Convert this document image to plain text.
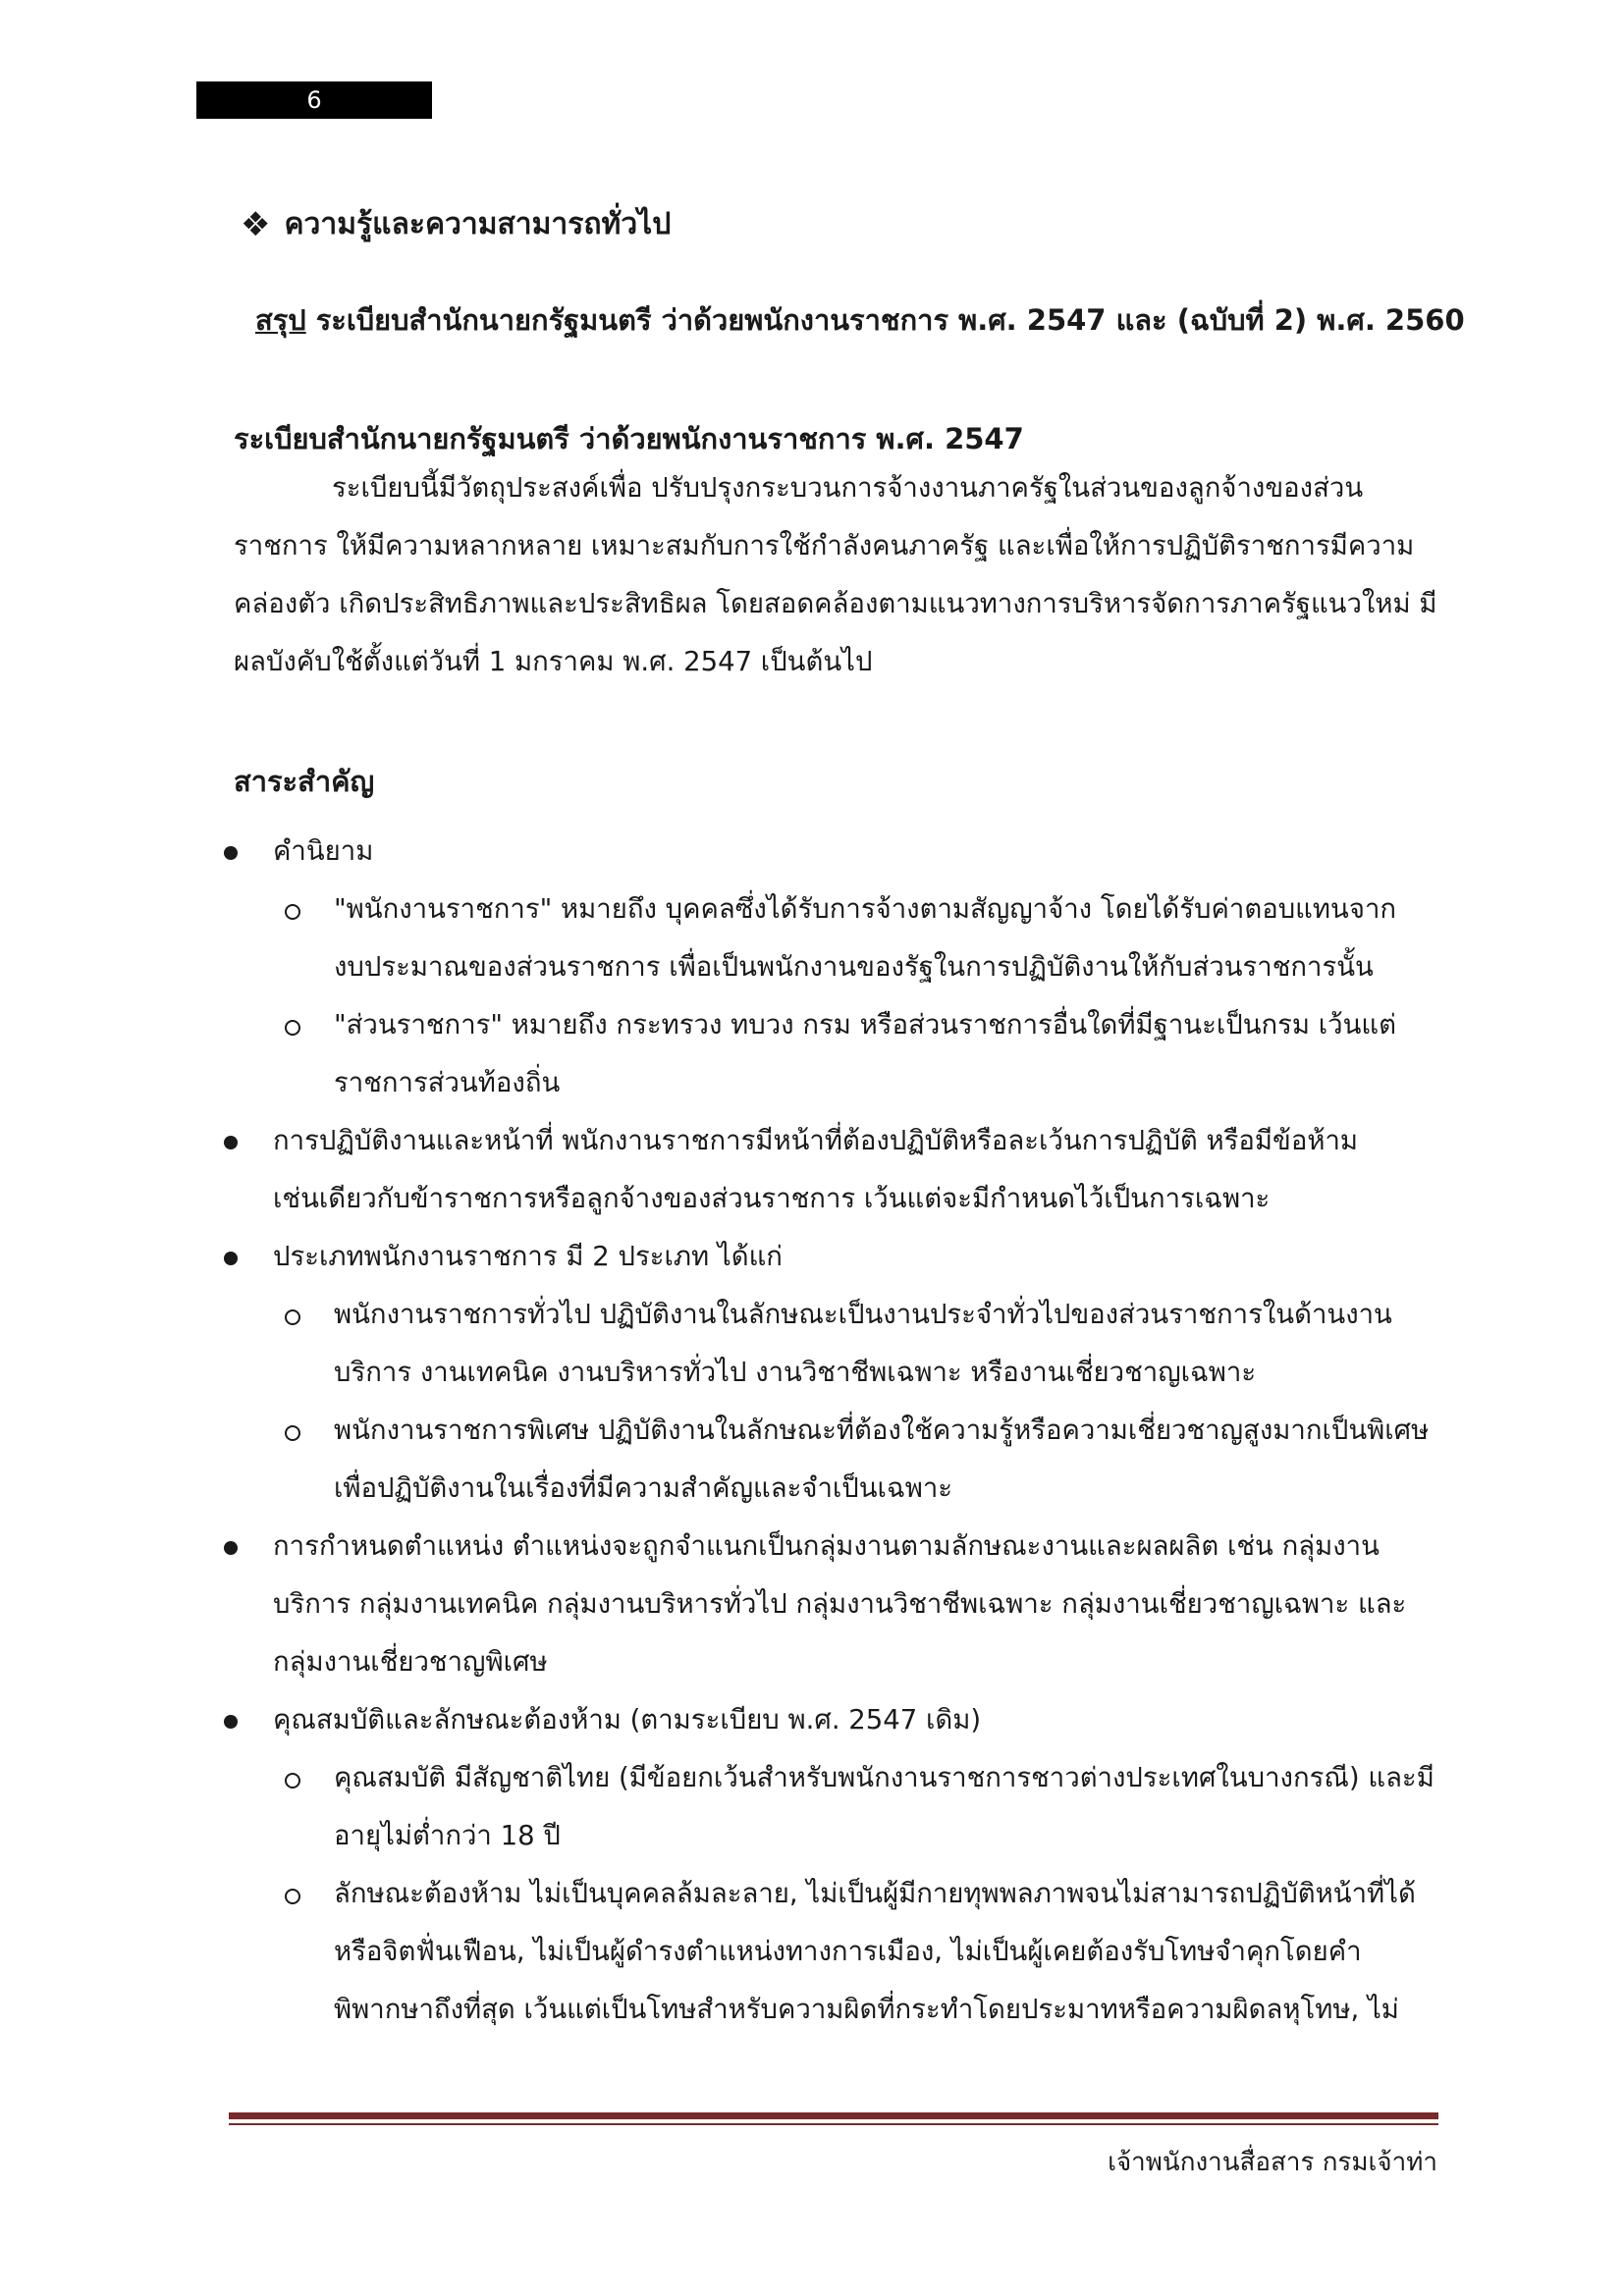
6
❖ ความรู้และความสามารถทั่วไป
สรุป ระเบียบสำนักนายกรัฐมนตรี ว่าด้วยพนักงานราชการ พ.ศ. 2547 และ (ฉบับที่ 2) พ.ศ. 2560
ระเบียบสำนักนายกรัฐมนตรี ว่าด้วยพนักงานราชการ พ.ศ. 2547
ระเบียบนี้มีวัตถุประสงค์เพื่อ ปรับปรุงกระบวนการจ้างงานภาครัฐในส่วนของลูกจ้างของส่วน
ราชการ ให้มีความหลากหลาย เหมาะสมกับการใช้กำลังคนภาครัฐ และเพื่อให้การปฏิบัติราชการมีความ
คล่องตัว เกิดประสิทธิภาพและประสิทธิผล โดยสอดคล้องตามแนวทางการบริหารจัดการภาครัฐแนวใหม่ มี
ผลบังคับใช้ตั้งแต่วันที่ 1 มกราคม พ.ศ. 2547 เป็นต้นไป
สาระสำคัญ
คำนิยาม
"พนักงานราชการ" หมายถึง บุคคลซึ่งได้รับการจ้างตามสัญญาจ้าง โดยได้รับค่าตอบแทนจาก
งบประมาณของส่วนราชการ เพื่อเป็นพนักงานของรัฐในการปฏิบัติงานให้กับส่วนราชการนั้น
"ส่วนราชการ" หมายถึง กระทรวง ทบวง กรม หรือส่วนราชการอื่นใดที่มีฐานะเป็นกรม เว้นแต่
ราชการส่วนท้องถิ่น
การปฏิบัติงานและหน้าที่ พนักงานราชการมีหน้าที่ต้องปฏิบัติหรือละเว้นการปฏิบัติ หรือมีข้อห้าม
เช่นเดียวกับข้าราชการหรือลูกจ้างของส่วนราชการ เว้นแต่จะมีกำหนดไว้เป็นการเฉพาะ
ประเภทพนักงานราชการ มี 2 ประเภท ได้แก่
พนักงานราชการทั่วไป ปฏิบัติงานในลักษณะเป็นงานประจำทั่วไปของส่วนราชการในด้านงาน
บริการ งานเทคนิค งานบริหารทั่วไป งานวิชาชีพเฉพาะ หรืองานเชี่ยวชาญเฉพาะ
พนักงานราชการพิเศษ ปฏิบัติงานในลักษณะที่ต้องใช้ความรู้หรือความเชี่ยวชาญสูงมากเป็นพิเศษ
เพื่อปฏิบัติงานในเรื่องที่มีความสำคัญและจำเป็นเฉพาะ
การกำหนดตำแหน่ง ตำแหน่งจะถูกจำแนกเป็นกลุ่มงานตามลักษณะงานและผลผลิต เช่น กลุ่มงาน
บริการ กลุ่มงานเทคนิค กลุ่มงานบริหารทั่วไป กลุ่มงานวิชาชีพเฉพาะ กลุ่มงานเชี่ยวชาญเฉพาะ และ
กลุ่มงานเชี่ยวชาญพิเศษ
คุณสมบัติและลักษณะต้องห้าม (ตามระเบียบ พ.ศ. 2547 เดิม)
คุณสมบัติ มีสัญชาติไทย (มีข้อยกเว้นสำหรับพนักงานราชการชาวต่างประเทศในบางกรณี) และมี
อายุไม่ต่ำกว่า 18 ปี
ลักษณะต้องห้าม ไม่เป็นบุคคลล้มละลาย, ไม่เป็นผู้มีกายทุพพลภาพจนไม่สามารถปฏิบัติหน้าที่ได้
หรือจิตฟั่นเฟือน, ไม่เป็นผู้ดำรงตำแหน่งทางการเมือง, ไม่เป็นผู้เคยต้องรับโทษจำคุกโดยคำ
พิพากษาถึงที่สุด เว้นแต่เป็นโทษสำหรับความผิดที่กระทำโดยประมาทหรือความผิดลหุโทษ, ไม่
เจ้าพนักงานสื่อสาร กรมเจ้าท่า
